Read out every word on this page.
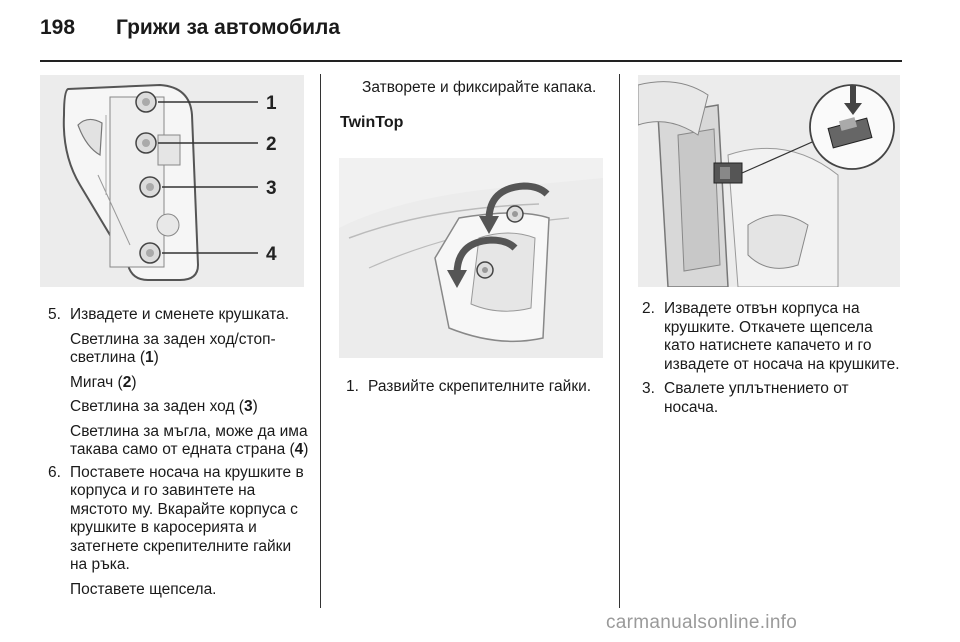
198 Грижи за автомобила
1
2
3
4

5. Извадете и сменете крушката.

Светлина за заден ход/стоп-светлина (1)

Мигач (2)

Светлина за заден ход (3)

Светлина за мъгла, може да има такава само от едната страна (4)

6. Поставете носача на крушките в корпуса и го завинтете на мястото му. Вкарайте корпуса с крушките в каросерията и затегнете скрепителните гайки на ръка.

Поставете щепсела.

Затворете и фиксирайте капака.

TwinTop

1. Развийте скрепителните гайки.

2. Извадете отвън корпуса на крушките. Откачете щепсела като натиснете капачето и го извадете от носача на крушките.

3. Свалете уплътнението от носача.

carmanualsonline.info
